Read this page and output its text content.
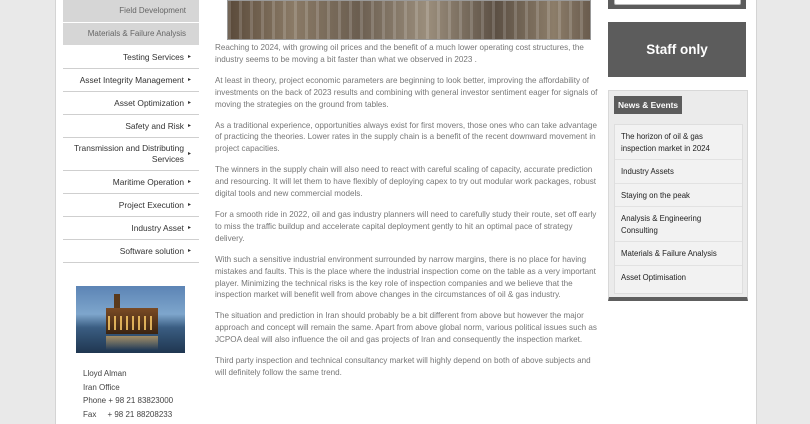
Field Development
Materials & Failure Analysis
Testing Services ▸
Asset Integrity Management ▸
Asset Optimization ▸
Safety and Risk ▸
Transmission and Distributing Services
▸
Maritime Operation ▸
Project Execution ▸
Industry Asset ▸
Software solution ▸
Lloyd Alman
Iran Office
Phone + 98 21 83823000
Fax     + 98 21 88208233

Reaching to 2024, with growing oil prices and the benefit of a much lower operating cost structures, the industry seems to be moving a bit faster than what we observed in 2023 .

At least in theory, project economic parameters are beginning to look better, improving the affordability of investments on the back of 2023 results and combining with general investor sentiment eager for signals of moving the strategies on the ground from tables.

As a traditional experience, opportunities always exist for first movers, those ones who can take advantage of practicing the theories. Lower rates in the supply chain is a benefit of the recent downward movement in project capacities.

The winners in the supply chain will also need to react with careful scaling of capacity, accurate prediction and resourcing. It will let them to have flexibly of deploying capex to try out modular work packages, robust digital tools and new commercial models.

For a smooth ride in 2022, oil and gas industry planners will need to carefully study their route, set off early to miss the traffic buildup and accelerate capital deployment gently to hit an optimal pace of strategy delivery.

With such a sensitive industrial environment surrounded by narrow margins, there is no place for having mistakes and faults. This is the place where the industrial inspection come on the table as a very important player. Minimizing the technical risks is the key role of inspection companies and we believe that the inspection market will benefit well from above changes in the circumstances of oil & gas industry.

The situation and prediction in Iran should probably be a bit different from above but however the major approach and concept will remain the same. Apart from above global norm, various political issues such as JCPOA deal will also influence the oil and gas projects of Iran and consequently the inspection market.

Third party inspection and technical consultancy market will highly depend on both of above subjects and will definitely follow the same trend.

Staff only
News & Events
The horizon of oil & gas inspection market in 2024
Industry Assets
Staying on the peak
Analysis & Engineering Consulting
Materials & Failure Analysis
Asset Optimisation
